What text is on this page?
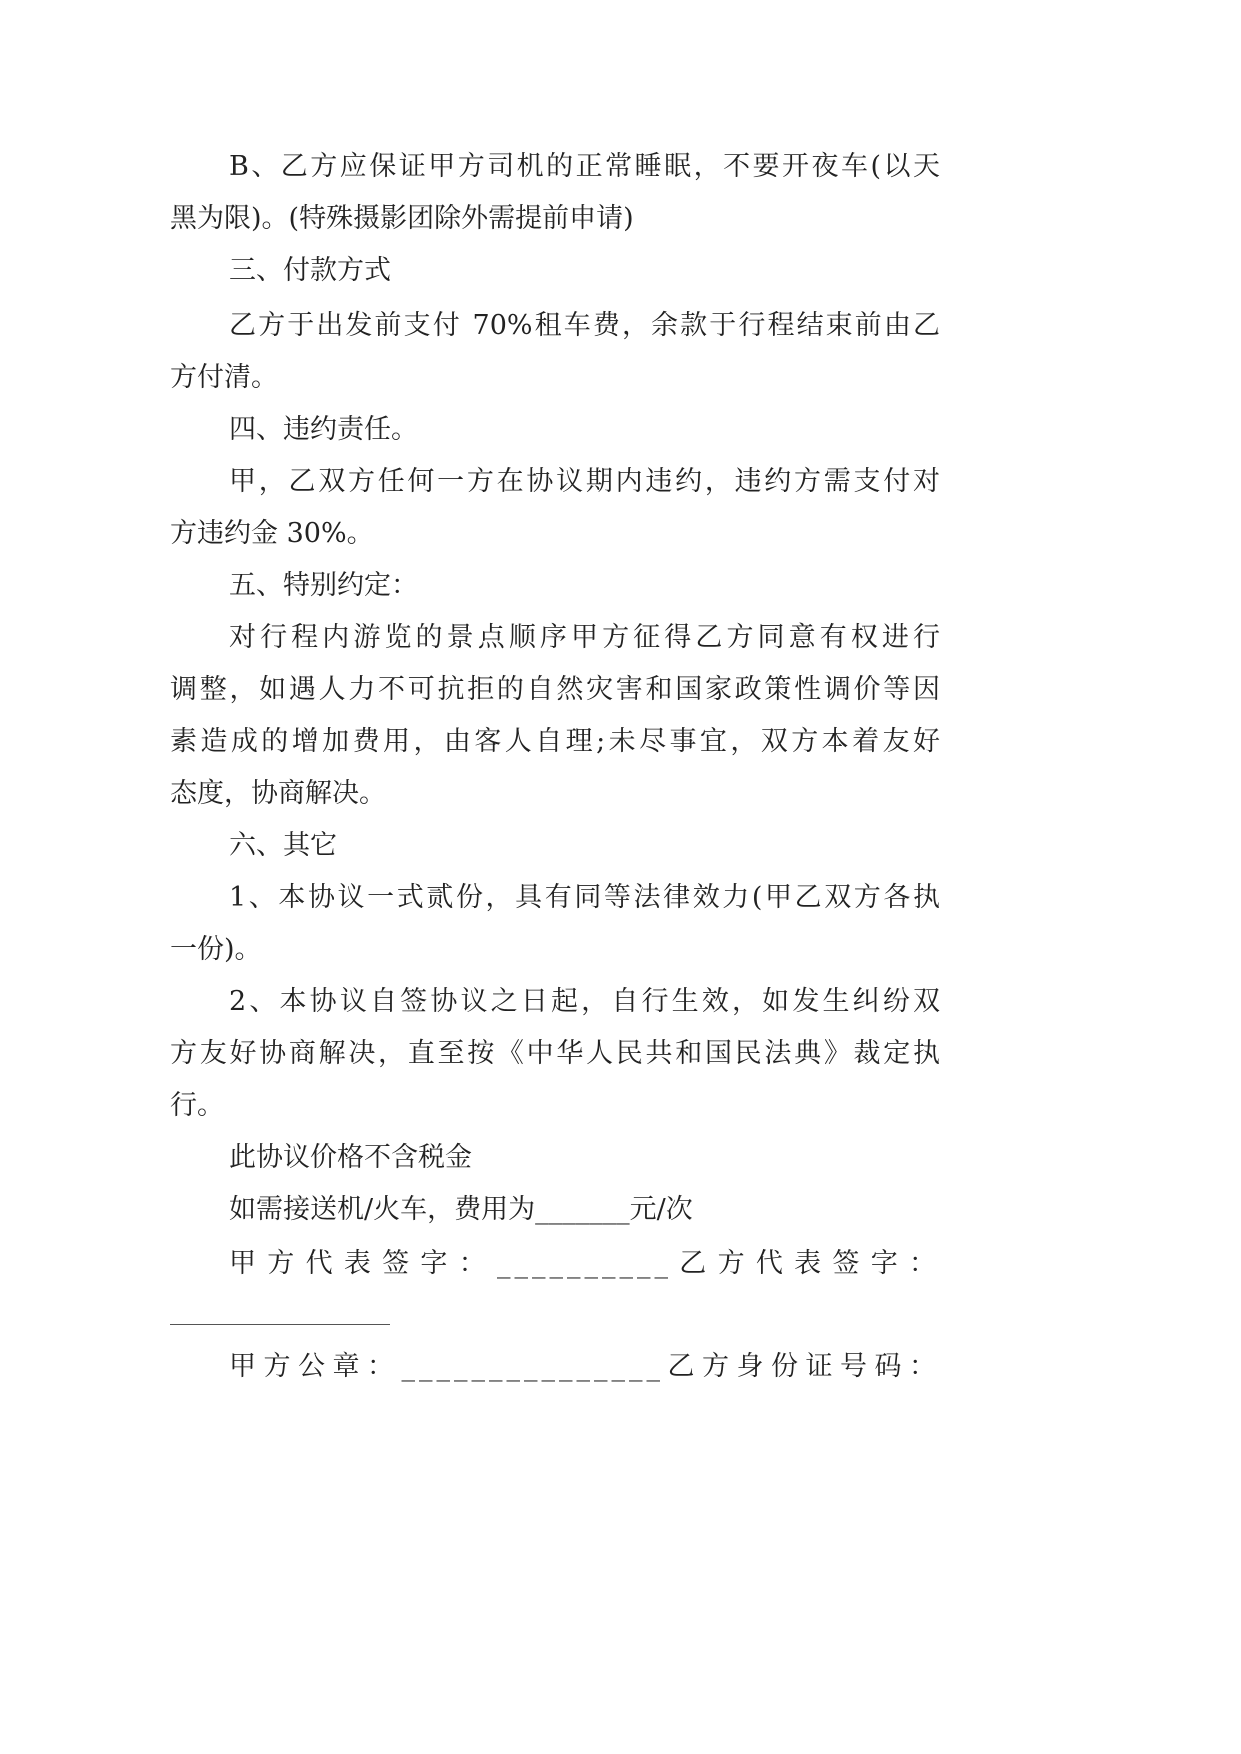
B、乙方应保证甲方司机的正常睡眠，不要开夜车(以天
黑为限)。(特殊摄影团除外需提前申请)
三、付款方式
乙方于出发前支付 70%租车费，余款于行程结束前由乙
方付清。
四、违约责任。
甲，乙双方任何一方在协议期内违约，违约方需支付对
方违约金 30%。
五、特别约定：
对行程内游览的景点顺序甲方征得乙方同意有权进行
调整，如遇人力不可抗拒的自然灾害和国家政策性调价等因
素造成的增加费用，由客人自理;未尽事宜，双方本着友好
态度，协商解决。
六、其它
1、本协议一式贰份，具有同等法律效力(甲乙双方各执
一份)。
2、本协议自签协议之日起，自行生效，如发生纠纷双
方友好协商解决，直至按《中华人民共和国民法典》裁定执
行。
此协议价格不含税金
如需接送机/火车，费用为_______元/次
甲方代表签字：__________乙方代表签字：
甲方公章：_______________乙方身份证号码：
